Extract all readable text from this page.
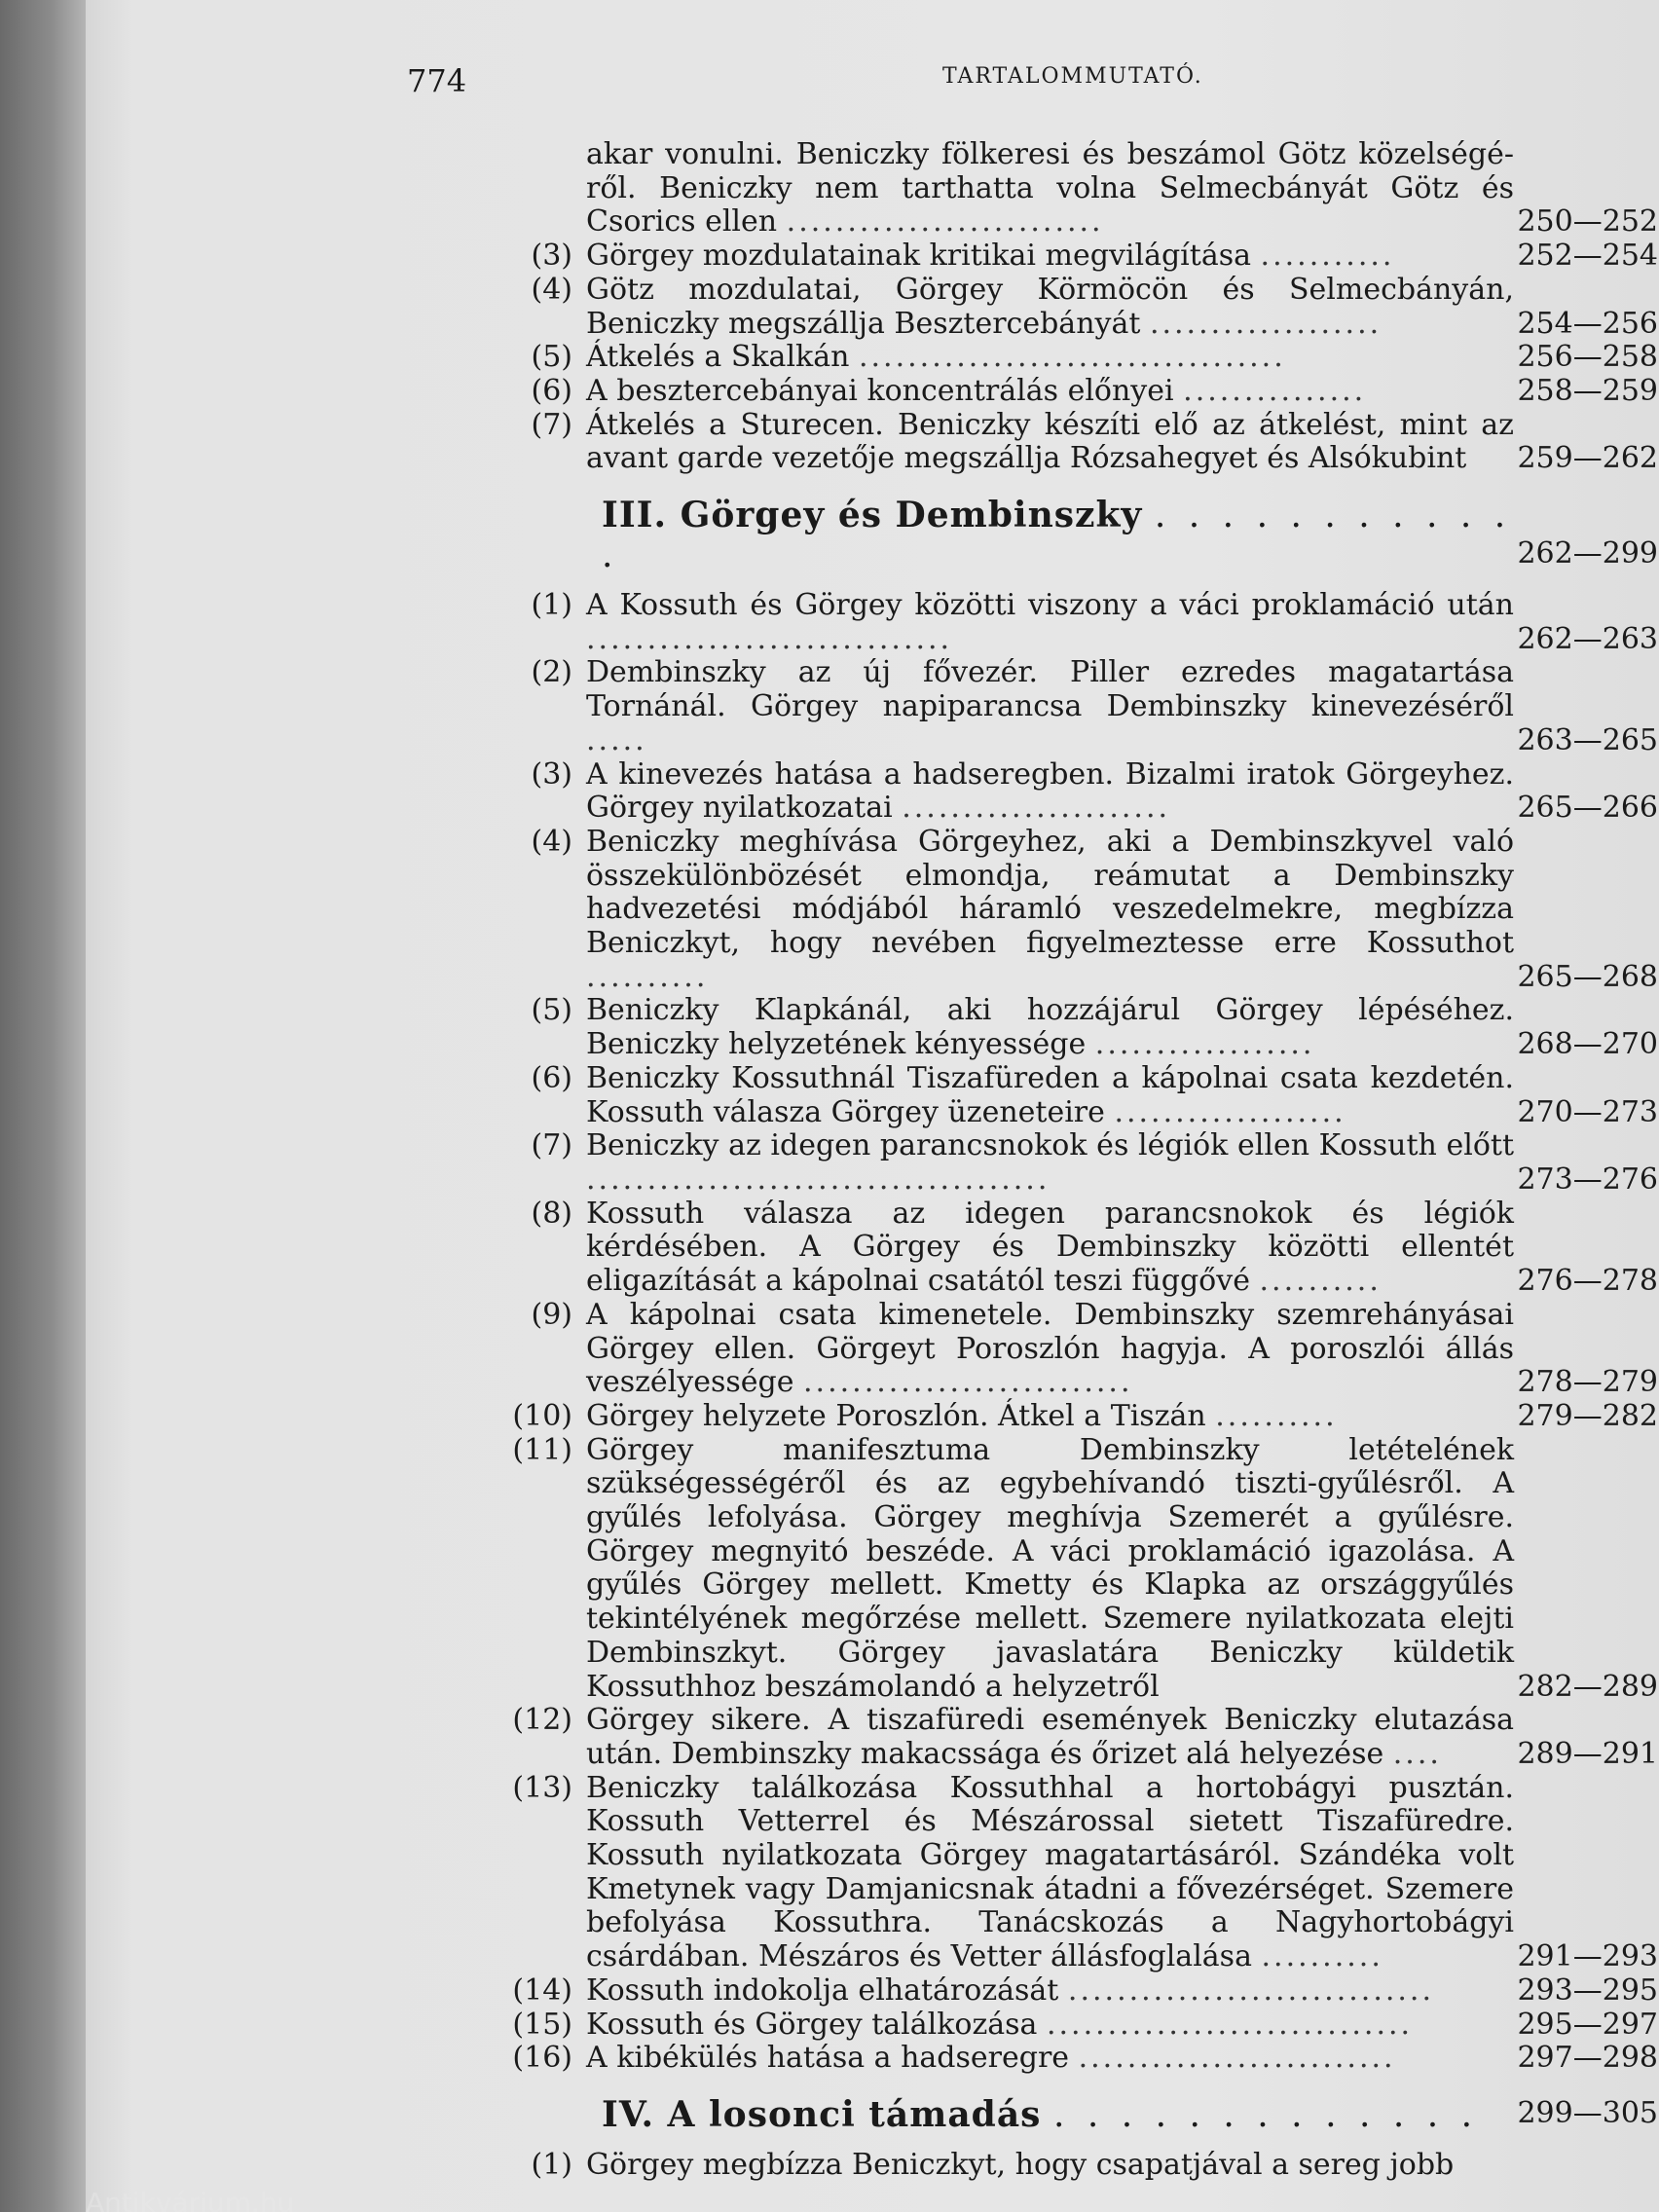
774	TARTALOMMUTATÓ.
akar vonulni. Beniczky fölkeresi és beszámol Götz közelségé-ről. Beniczky nem tarthatta volna Selmecbányát Götz és Csorics ellen ..........................	250—252
(3) Görgey mozdulatainak kritikai megvilágítása ...........	252—254
(4) Götz mozdulatai, Görgey Körmöcön és Selmecbányán, Beniczky megszállja Besztercebányát ...................	254—256
(5) Átkelés a Skalkán ...................................	256—258
(6) A besztercebányai koncentrálás előnyei ...............	258—259
(7) Átkelés a Sturecen. Beniczky készíti elő az átkelést, mint az avant garde vezetője megszállja Rózsahegyet és Alsókubint	259—262
III. Görgey és Dembinszky . . . . . . . . . . . .	262—299
(1) A Kossuth és Görgey közötti viszony a váci proklamáció után ..............................	262—263
(2) Dembinszky az új fővezér. Piller ezredes magatartása Tornánál. Görgey napiparancsa Dembinszky kinevezéséről .....	263—265
(3) A kinevezés hatása a hadseregben. Bizalmi iratok Görgeyhez. Görgey nyilatkozatai ......................	265—266
(4) Beniczky meghívása Görgeyhez, aki a Dembinszkyvel való összekülönbözését elmondja, reámutat a Dembinszky hadvezetési módjából háramló veszedelmekre, megbízza Beniczkyt, hogy nevében figyelmeztesse erre Kossuthot ..........	265—268
(5) Beniczky Klapkánál, aki hozzájárul Görgey lépéséhez. Beniczky helyzetének kényessége ..................	268—270
(6) Beniczky Kossuthnál Tiszafüreden a kápolnai csata kezdetén. Kossuth válasza Görgey üzeneteire ...................	270—273
(7) Beniczky az idegen parancsnokok és légiók ellen Kossuth előtt ......................................	273—276
(8) Kossuth válasza az idegen parancsnokok és légiók kérdésében. A Görgey és Dembinszky közötti ellentét eligazítását a kápolnai csatától teszi függővé ..........	276—278
(9) A kápolnai csata kimenetele. Dembinszky szemrehányásai Görgey ellen. Görgeyt Poroszlón hagyja. A poroszlói állás veszélyessége ...........................	278—279
(10) Görgey helyzete Poroszlón. Átkel a Tiszán ..........	279—282
(11) Görgey manifesztuma Dembinszky letételének szükségességéről és az egybehívandó tiszti-gyűlésről. A gyűlés lefolyása. Görgey meghívja Szemerét a gyűlésre. Görgey megnyitó beszéde. A váci proklamáció igazolása. A gyűlés Görgey mellett. Kmetty és Klapka az országgyűlés tekintélyének megőrzése mellett. Szemere nyilatkozata elejti Dembinszkyt. Görgey javaslatára Beniczky küldetik Kossuthhoz beszámolandó a helyzetről	282—289
(12) Görgey sikere. A tiszafüredi események Beniczky elutazása után. Dembinszky makacssága és őrizet alá helyezése ....	289—291
(13) Beniczky találkozása Kossuthhal a hortobágyi pusztán. Kossuth Vetterrel és Mészárossal sietett Tiszafüredre. Kossuth nyilatkozata Görgey magatartásáról. Szándéka volt Kmetynek vagy Damjanicsnak átadni a fővezérséget. Szemere befolyása Kossuthra. Tanácskozás a Nagyhortobágyi csárdában. Mészáros és Vetter állásfoglalása ..........	291—293
(14) Kossuth indokolja elhatározását ..............................	293—295
(15) Kossuth és Görgey találkozása ..............................	295—297
(16) A kibékülés hatása a hadseregre ..........................	297—298
IV. A losonci támadás . . . . . . . . . . . . . 299—305
(1) Görgey megbízza Beniczkyt, hogy csapatjával a sereg jobb
Antikvárium.hu
